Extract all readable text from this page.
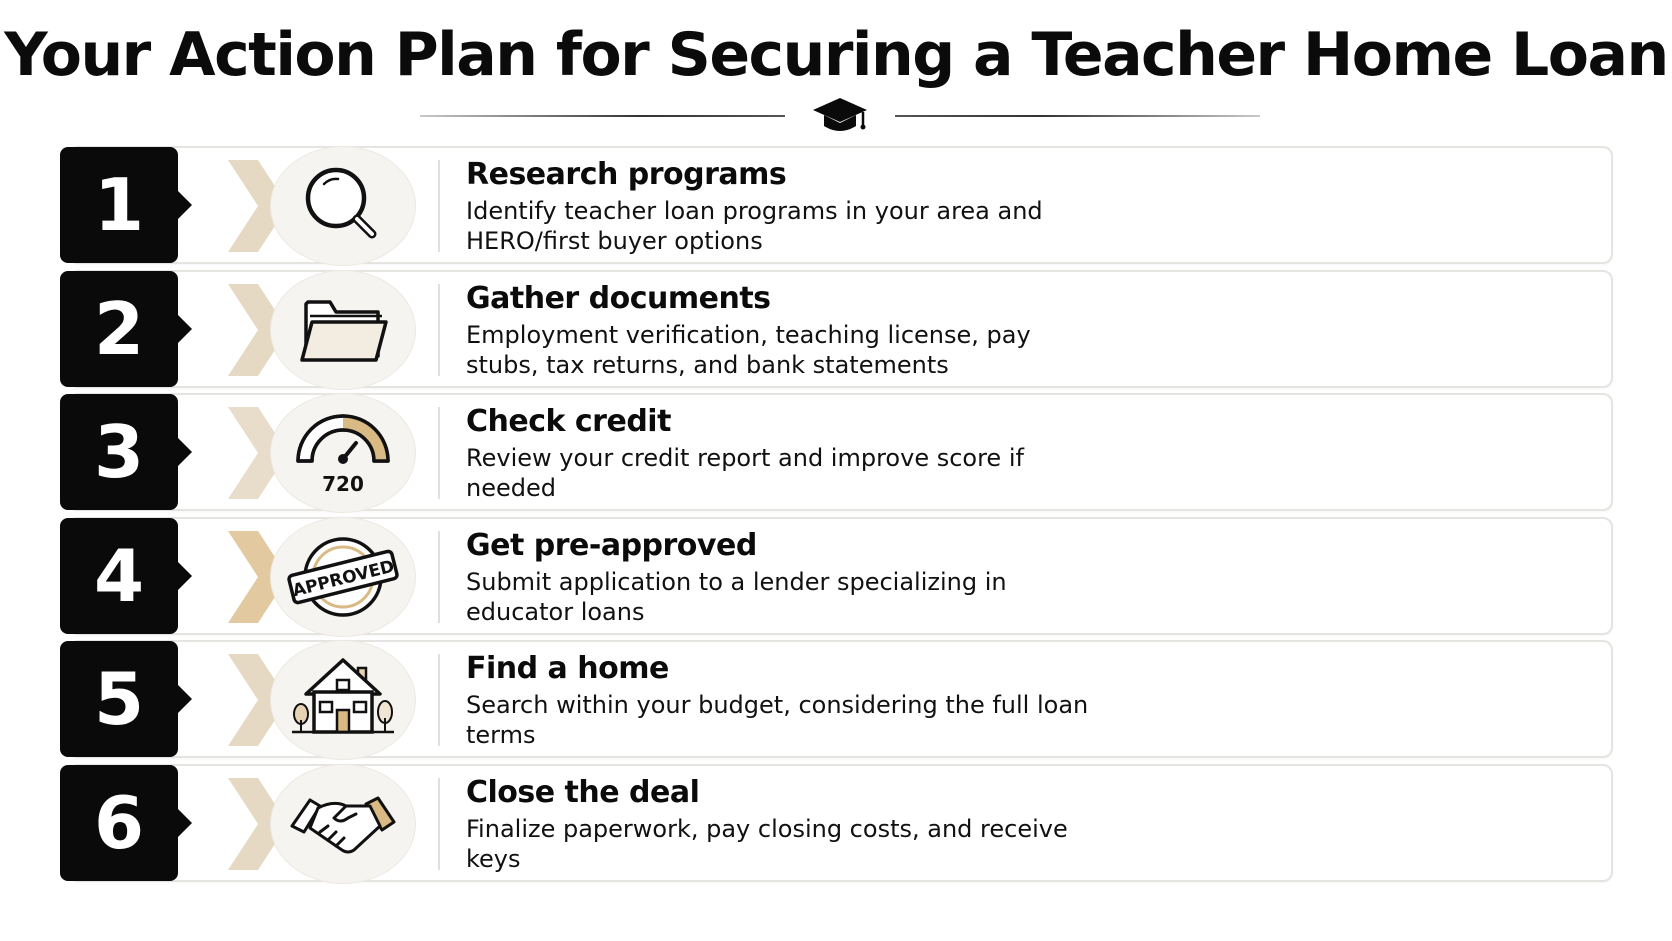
Your Action Plan for Securing a Teacher Home Loan
1	Research programs
Identify teacher loan programs in your area and HERO/first buyer options
2	Gather documents
Employment verification, teaching license, pay stubs, tax returns, and bank statements
3	720
Check credit
Review your credit report and improve score if needed
4	APPROVED
Get pre-approved
Submit application to a lender specializing in educator loans
5	Find a home
Search within your budget, considering the full loan terms
6	Close the deal
Finalize paperwork, pay closing costs, and receive keys
